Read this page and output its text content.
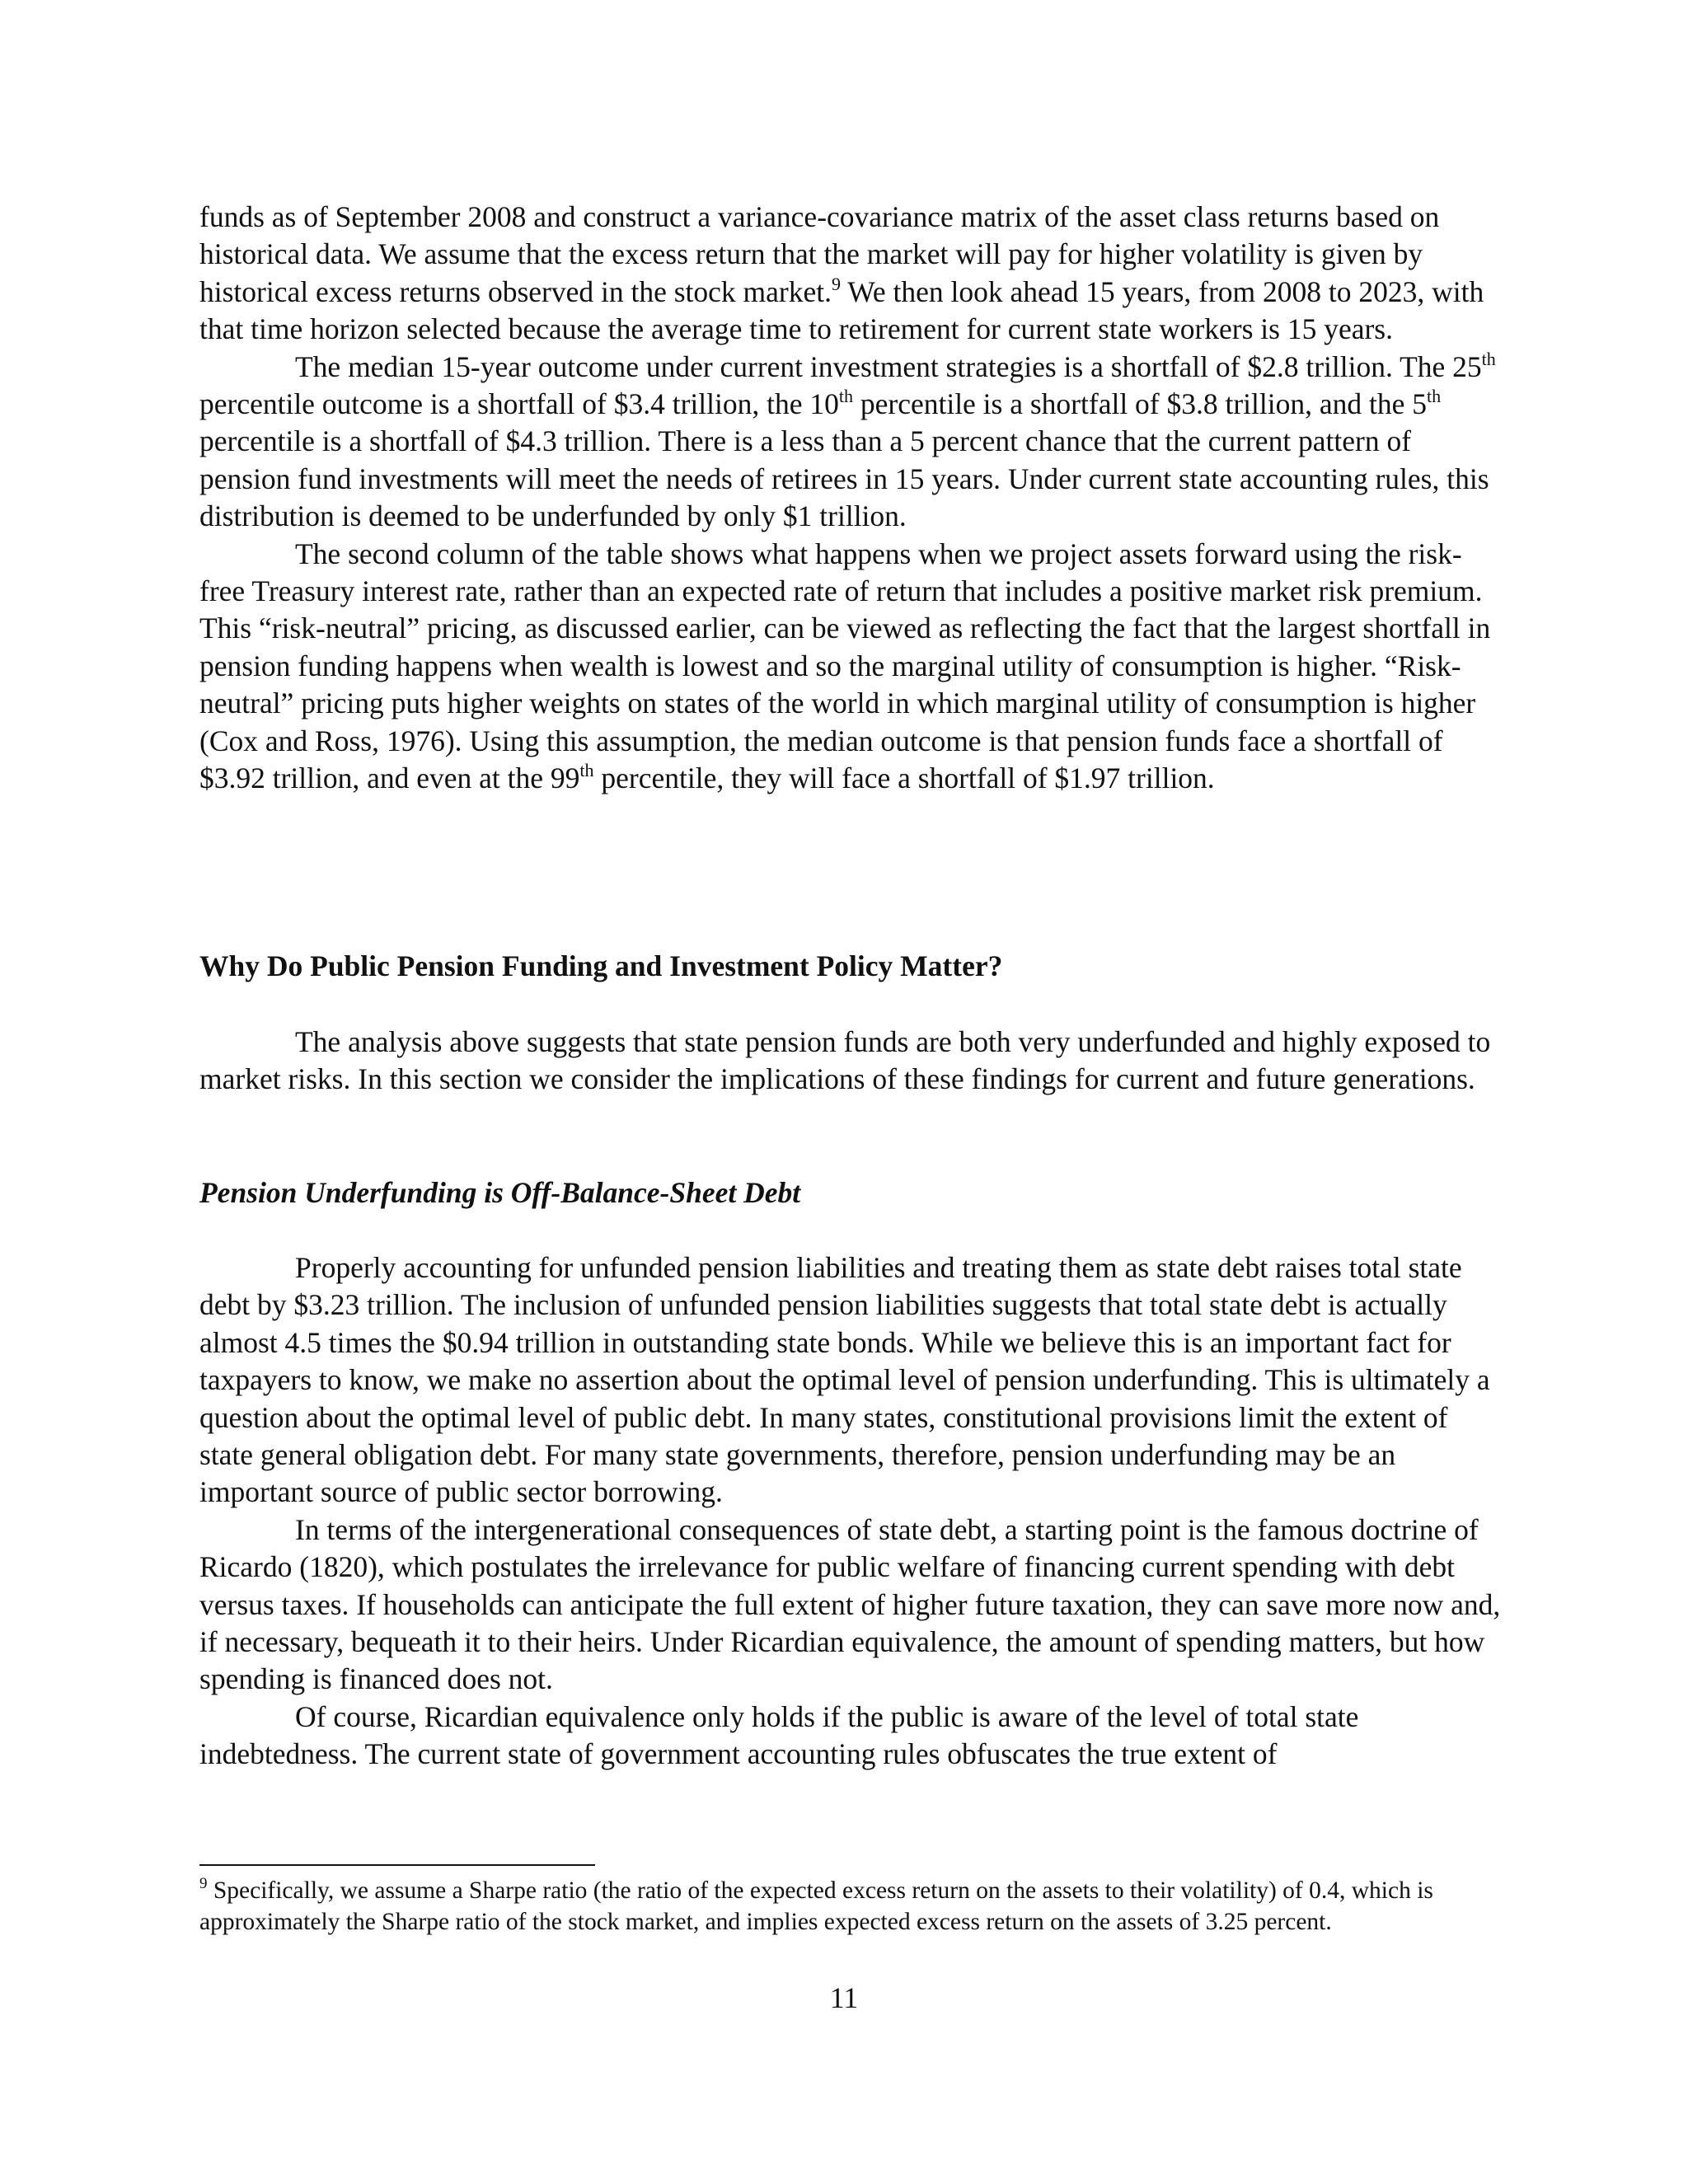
funds as of September 2008 and construct a variance-covariance matrix of the asset class returns based on historical data. We assume that the excess return that the market will pay for higher volatility is given by historical excess returns observed in the stock market.$^9$ We then look ahead 15 years, from 2008 to 2023, with that time horizon selected because the average time to retirement for current state workers is 15 years.

The median 15-year outcome under current investment strategies is a shortfall of $2.8 trillion. The 25th percentile outcome is a shortfall of $3.4 trillion, the 10th percentile is a shortfall of $3.8 trillion, and the 5th percentile is a shortfall of $4.3 trillion. There is a less than a 5 percent chance that the current pattern of pension fund investments will meet the needs of retirees in 15 years. Under current state accounting rules, this distribution is deemed to be underfunded by only $1 trillion.

The second column of the table shows what happens when we project assets forward using the risk-free Treasury interest rate, rather than an expected rate of return that includes a positive market risk premium. This “risk-neutral” pricing, as discussed earlier, can be viewed as reflecting the fact that the largest shortfall in pension funding happens when wealth is lowest and so the marginal utility of consumption is higher. “Risk-neutral” pricing puts higher weights on states of the world in which marginal utility of consumption is higher (Cox and Ross, 1976). Using this assumption, the median outcome is that pension funds face a shortfall of $3.92 trillion, and even at the 99th percentile, they will face a shortfall of $1.97 trillion.

Why Do Public Pension Funding and Investment Policy Matter?

The analysis above suggests that state pension funds are both very underfunded and highly exposed to market risks. In this section we consider the implications of these findings for current and future generations.

Pension Underfunding is Off-Balance-Sheet Debt

Properly accounting for unfunded pension liabilities and treating them as state debt raises total state debt by $3.23 trillion. The inclusion of unfunded pension liabilities suggests that total state debt is actually almost 4.5 times the $0.94 trillion in outstanding state bonds. While we believe this is an important fact for taxpayers to know, we make no assertion about the optimal level of pension underfunding. This is ultimately a question about the optimal level of public debt. In many states, constitutional provisions limit the extent of state general obligation debt. For many state governments, therefore, pension underfunding may be an important source of public sector borrowing.

In terms of the intergenerational consequences of state debt, a starting point is the famous doctrine of Ricardo (1820), which postulates the irrelevance for public welfare of financing current spending with debt versus taxes. If households can anticipate the full extent of higher future taxation, they can save more now and, if necessary, bequeath it to their heirs. Under Ricardian equivalence, the amount of spending matters, but how spending is financed does not.

Of course, Ricardian equivalence only holds if the public is aware of the level of total state indebtedness. The current state of government accounting rules obfuscates the true extent of

$^9$ Specifically, we assume a Sharpe ratio (the ratio of the expected excess return on the assets to their volatility) of 0.4, which is approximately the Sharpe ratio of the stock market, and implies expected excess return on the assets of 3.25 percent.

11
